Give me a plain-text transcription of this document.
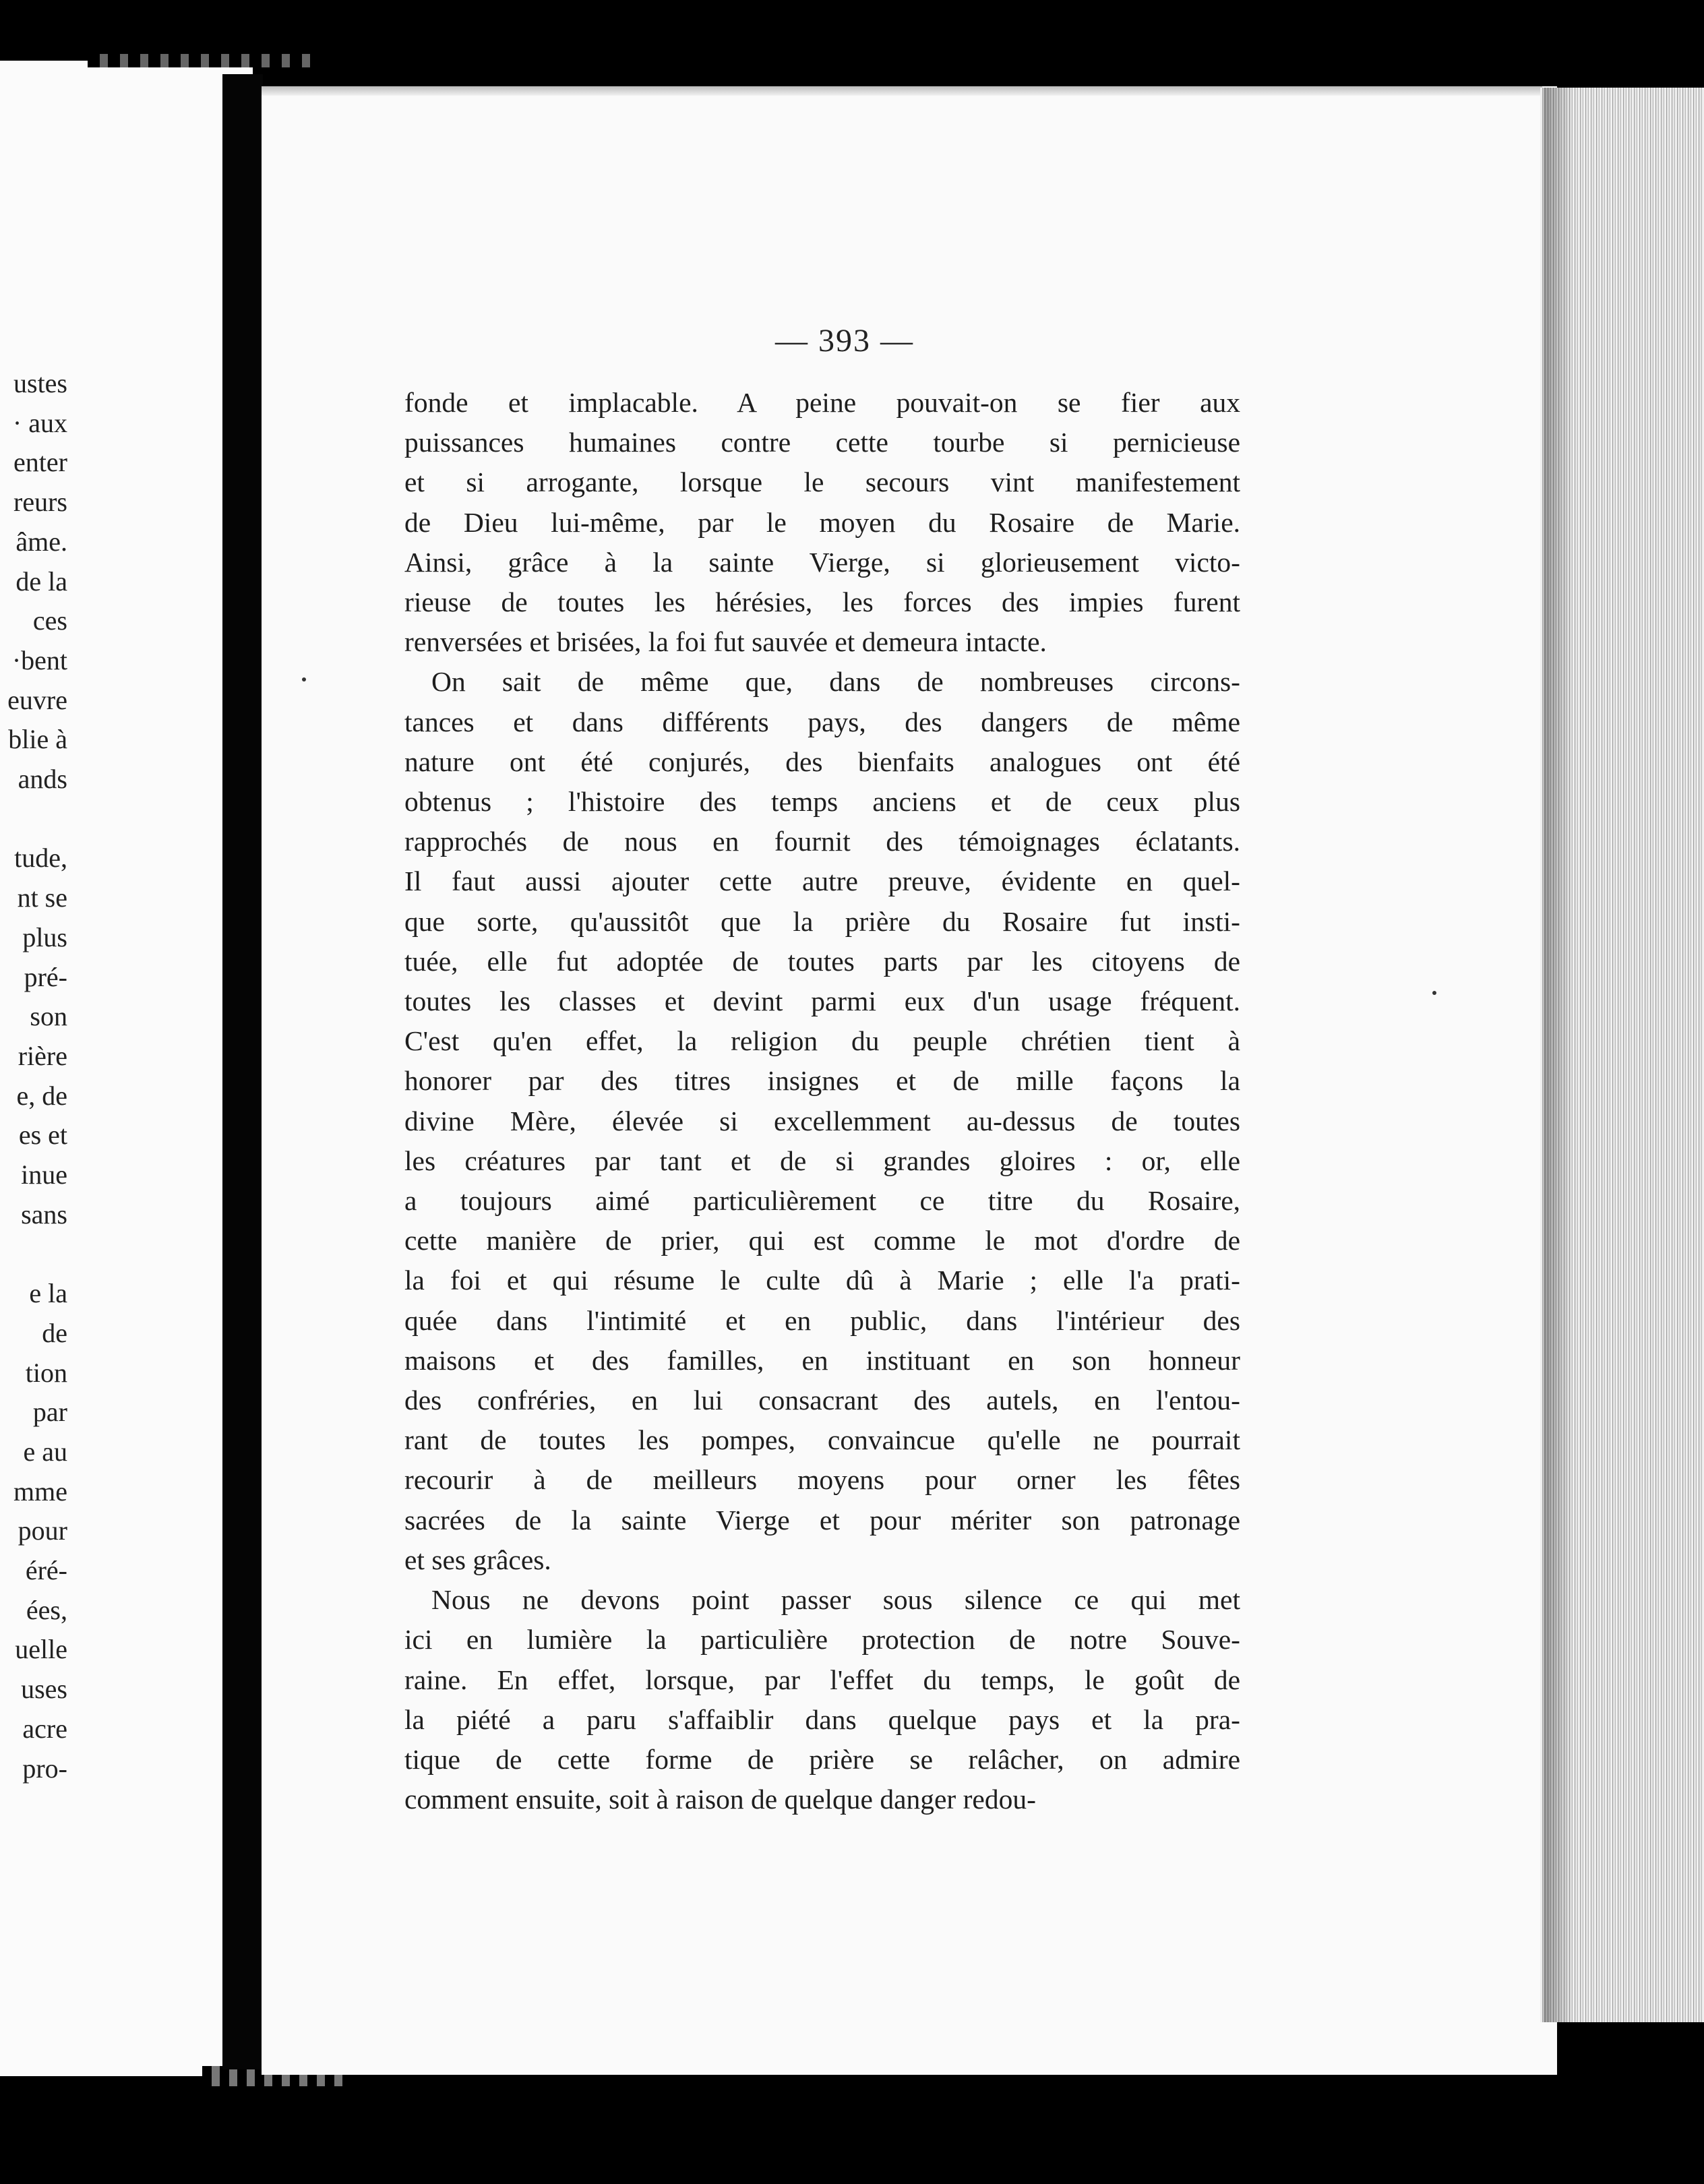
ustes
· aux
enter
reurs
âme.
de la
ces
·bent
euvre
blie à
ands
tude,
nt se
plus
pré-
son
rière
e, de
es et
inue
sans
e la
de
tion
par
e au
mme
pour
éré-
ées,
uelle
uses
acre
pro-
— 393 —
fonde et implacable. A peine pouvait-on se fier aux
puissances humaines contre cette tourbe si pernicieuse
et si arrogante, lorsque le secours vint manifestement
de Dieu lui-même, par le moyen du Rosaire de Marie.
Ainsi, grâce à la sainte Vierge, si glorieusement victo-
rieuse de toutes les hérésies, les forces des impies furent
renversées et brisées, la foi fut sauvée et demeura intacte.
On sait de même que, dans de nombreuses circons-
tances et dans différents pays, des dangers de même
nature ont été conjurés, des bienfaits analogues ont été
obtenus ; l'histoire des temps anciens et de ceux plus
rapprochés de nous en fournit des témoignages éclatants.
Il faut aussi ajouter cette autre preuve, évidente en quel-
que sorte, qu'aussitôt que la prière du Rosaire fut insti-
tuée, elle fut adoptée de toutes parts par les citoyens de
toutes les classes et devint parmi eux d'un usage fréquent.
C'est qu'en effet, la religion du peuple chrétien tient à
honorer par des titres insignes et de mille façons la
divine Mère, élevée si excellemment au-dessus de toutes
les créatures par tant et de si grandes gloires : or, elle
a toujours aimé particulièrement ce titre du Rosaire,
cette manière de prier, qui est comme le mot d'ordre de
la foi et qui résume le culte dû à Marie ; elle l'a prati-
quée dans l'intimité et en public, dans l'intérieur des
maisons et des familles, en instituant en son honneur
des confréries, en lui consacrant des autels, en l'entou-
rant de toutes les pompes, convaincue qu'elle ne pourrait
recourir à de meilleurs moyens pour orner les fêtes
sacrées de la sainte Vierge et pour mériter son patronage
et ses grâces.
Nous ne devons point passer sous silence ce qui met
ici en lumière la particulière protection de notre Souve-
raine. En effet, lorsque, par l'effet du temps, le goût de
la piété a paru s'affaiblir dans quelque pays et la pra-
tique de cette forme de prière se relâcher, on admire
comment ensuite, soit à raison de quelque danger redou-
